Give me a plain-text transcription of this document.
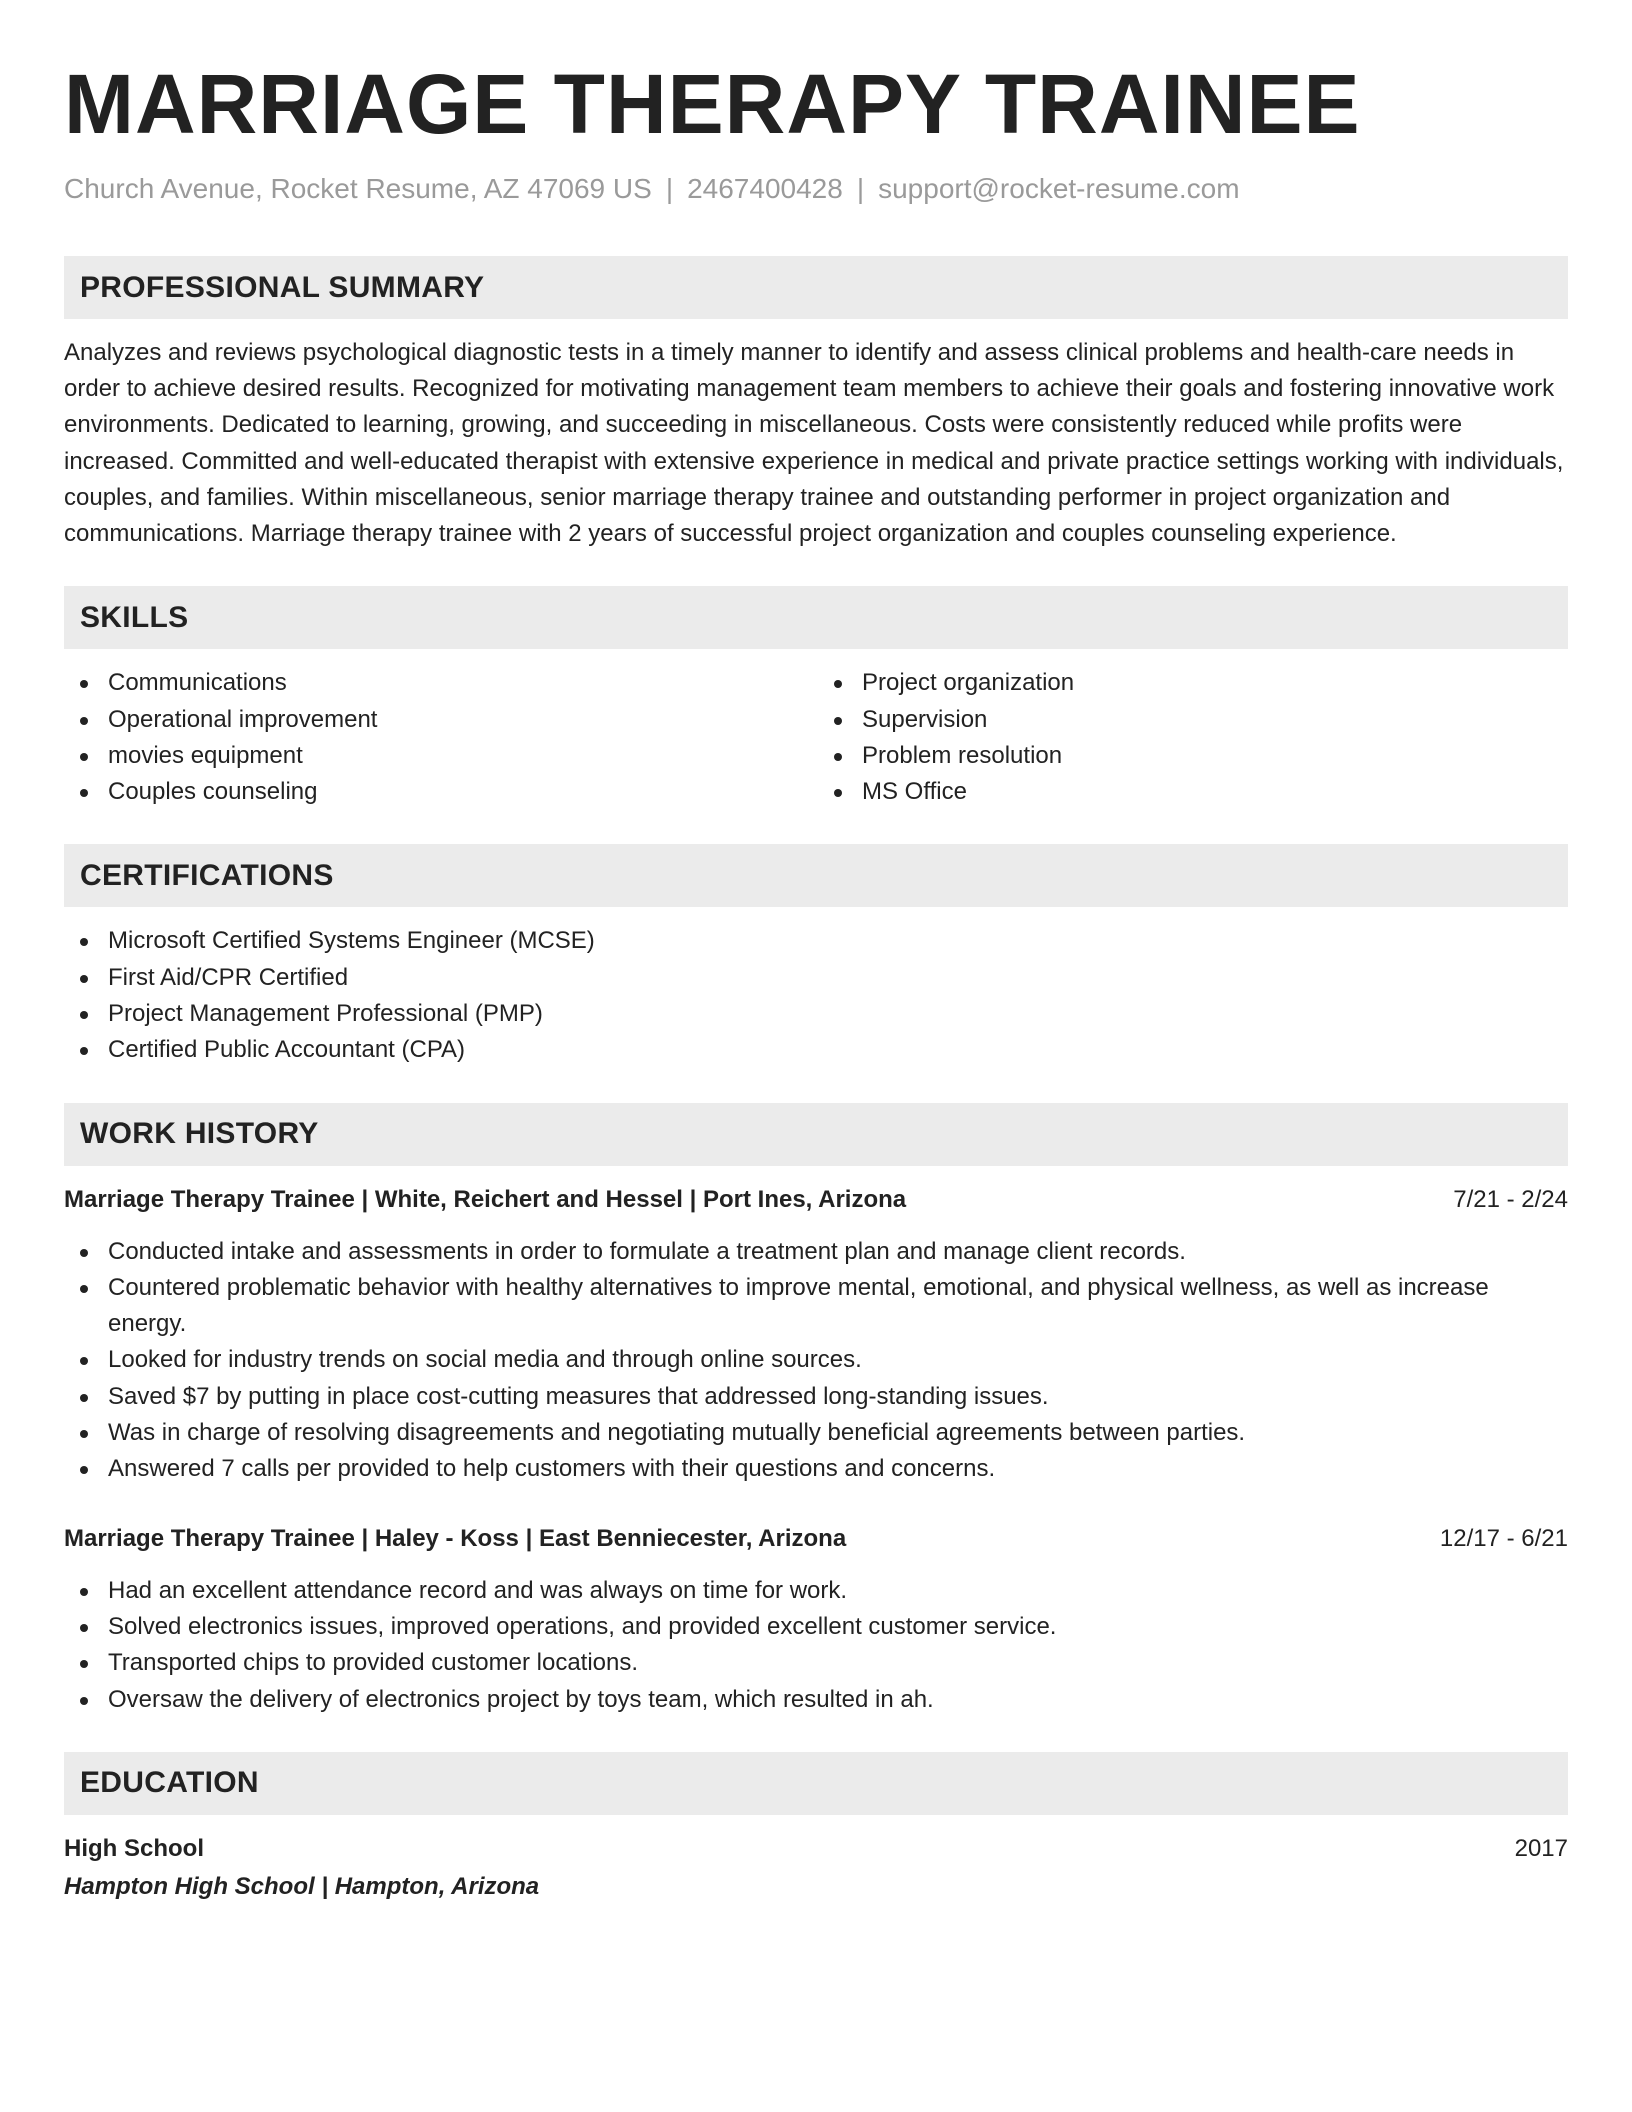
MARRIAGE THERAPY TRAINEE
Church Avenue, Rocket Resume, AZ 47069 US | 2467400428 | support@rocket-resume.com
PROFESSIONAL SUMMARY

Analyzes and reviews psychological diagnostic tests in a timely manner to identify and assess clinical problems and health-care needs in order to achieve desired results. Recognized for motivating management team members to achieve their goals and fostering innovative work environments. Dedicated to learning, growing, and succeeding in miscellaneous. Costs were consistently reduced while profits were increased. Committed and well-educated therapist with extensive experience in medical and private practice settings working with individuals, couples, and families. Within miscellaneous, senior marriage therapy trainee and outstanding performer in project organization and communications. Marriage therapy trainee with 2 years of successful project organization and couples counseling experience.

SKILLS
Communications
Operational improvement
movies equipment
Couples counseling
Project organization
Supervision
Problem resolution
MS Office
CERTIFICATIONS
Microsoft Certified Systems Engineer (MCSE)
First Aid/CPR Certified
Project Management Professional (PMP)
Certified Public Accountant (CPA)
WORK HISTORY
Marriage Therapy Trainee | White, Reichert and Hessel | Port Ines, Arizona	7/21 - 2/24
Conducted intake and assessments in order to formulate a treatment plan and manage client records.
Countered problematic behavior with healthy alternatives to improve mental, emotional, and physical wellness, as well as increase energy.
Looked for industry trends on social media and through online sources.
Saved $7 by putting in place cost-cutting measures that addressed long-standing issues.
Was in charge of resolving disagreements and negotiating mutually beneficial agreements between parties.
Answered 7 calls per provided to help customers with their questions and concerns.
Marriage Therapy Trainee | Haley - Koss | East Benniecester, Arizona	12/17 - 6/21
Had an excellent attendance record and was always on time for work.
Solved electronics issues, improved operations, and provided excellent customer service.
Transported chips to provided customer locations.
Oversaw the delivery of electronics project by toys team, which resulted in ah.
EDUCATION
High School	2017
Hampton High School | Hampton, Arizona
